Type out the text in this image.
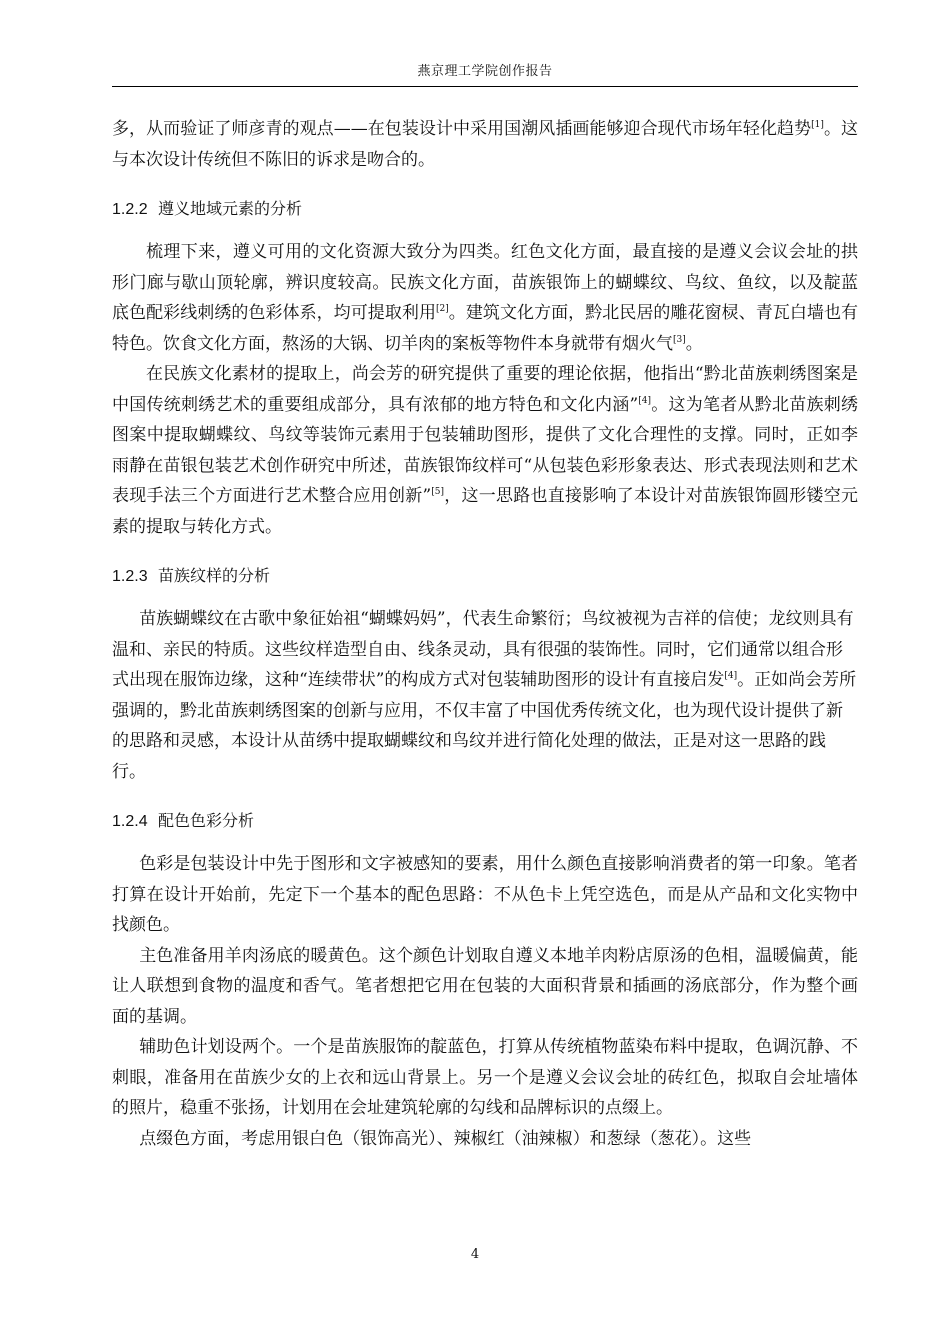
燕京理工学院创作报告

多，从而验证了师彦青的观点——在包装设计中采用国潮风插画能够迎合现代市场年轻化趋势[1]。这与本次设计传统但不陈旧的诉求是吻合的。

1.2.2 遵义地域元素的分析

梳理下来，遵义可用的文化资源大致分为四类。红色文化方面，最直接的是遵义会议会址的拱形门廊与歇山顶轮廓，辨识度较高。民族文化方面，苗族银饰上的蝴蝶纹、鸟纹、鱼纹，以及靛蓝底色配彩线刺绣的色彩体系，均可提取利用[2]。建筑文化方面，黔北民居的雕花窗棂、青瓦白墙也有特色。饮食文化方面，熬汤的大锅、切羊肉的案板等物件本身就带有烟火气[3]。

在民族文化素材的提取上，尚会芳的研究提供了重要的理论依据，他指出“黔北苗族刺绣图案是中国传统刺绣艺术的重要组成部分，具有浓郁的地方特色和文化内涵”[4]。这为笔者从黔北苗族刺绣图案中提取蝴蝶纹、鸟纹等装饰元素用于包装辅助图形，提供了文化合理性的支撑。同时，正如李雨静在苗银包装艺术创作研究中所述，苗族银饰纹样可“从包装色彩形象表达、形式表现法则和艺术表现手法三个方面进行艺术整合应用创新”[5]，这一思路也直接影响了本设计对苗族银饰圆形镂空元素的提取与转化方式。

1.2.3 苗族纹样的分析

苗族蝴蝶纹在古歌中象征始祖“蝴蝶妈妈”，代表生命繁衍；鸟纹被视为吉祥的信使；龙纹则具有温和、亲民的特质。这些纹样造型自由、线条灵动，具有很强的装饰性。同时，它们通常以组合形式出现在服饰边缘，这种“连续带状”的构成方式对包装辅助图形的设计有直接启发[4]。正如尚会芳所强调的，黔北苗族刺绣图案的创新与应用，不仅丰富了中国优秀传统文化，也为现代设计提供了新的思路和灵感，本设计从苗绣中提取蝴蝶纹和鸟纹并进行简化处理的做法，正是对这一思路的践行。

1.2.4 配色色彩分析

色彩是包装设计中先于图形和文字被感知的要素，用什么颜色直接影响消费者的第一印象。笔者打算在设计开始前，先定下一个基本的配色思路：不从色卡上凭空选色，而是从产品和文化实物中找颜色。

主色准备用羊肉汤底的暖黄色。这个颜色计划取自遵义本地羊肉粉店原汤的色相，温暖偏黄，能让人联想到食物的温度和香气。笔者想把它用在包装的大面积背景和插画的汤底部分，作为整个画面的基调。

辅助色计划设两个。一个是苗族服饰的靛蓝色，打算从传统植物蓝染布料中提取，色调沉静、不刺眼，准备用在苗族少女的上衣和远山背景上。另一个是遵义会议会址的砖红色，拟取自会址墙体的照片，稳重不张扬，计划用在会址建筑轮廓的勾线和品牌标识的点缀上。

点缀色方面，考虑用银白色（银饰高光）、辣椒红（油辣椒）和葱绿（葱花）。这些

4
